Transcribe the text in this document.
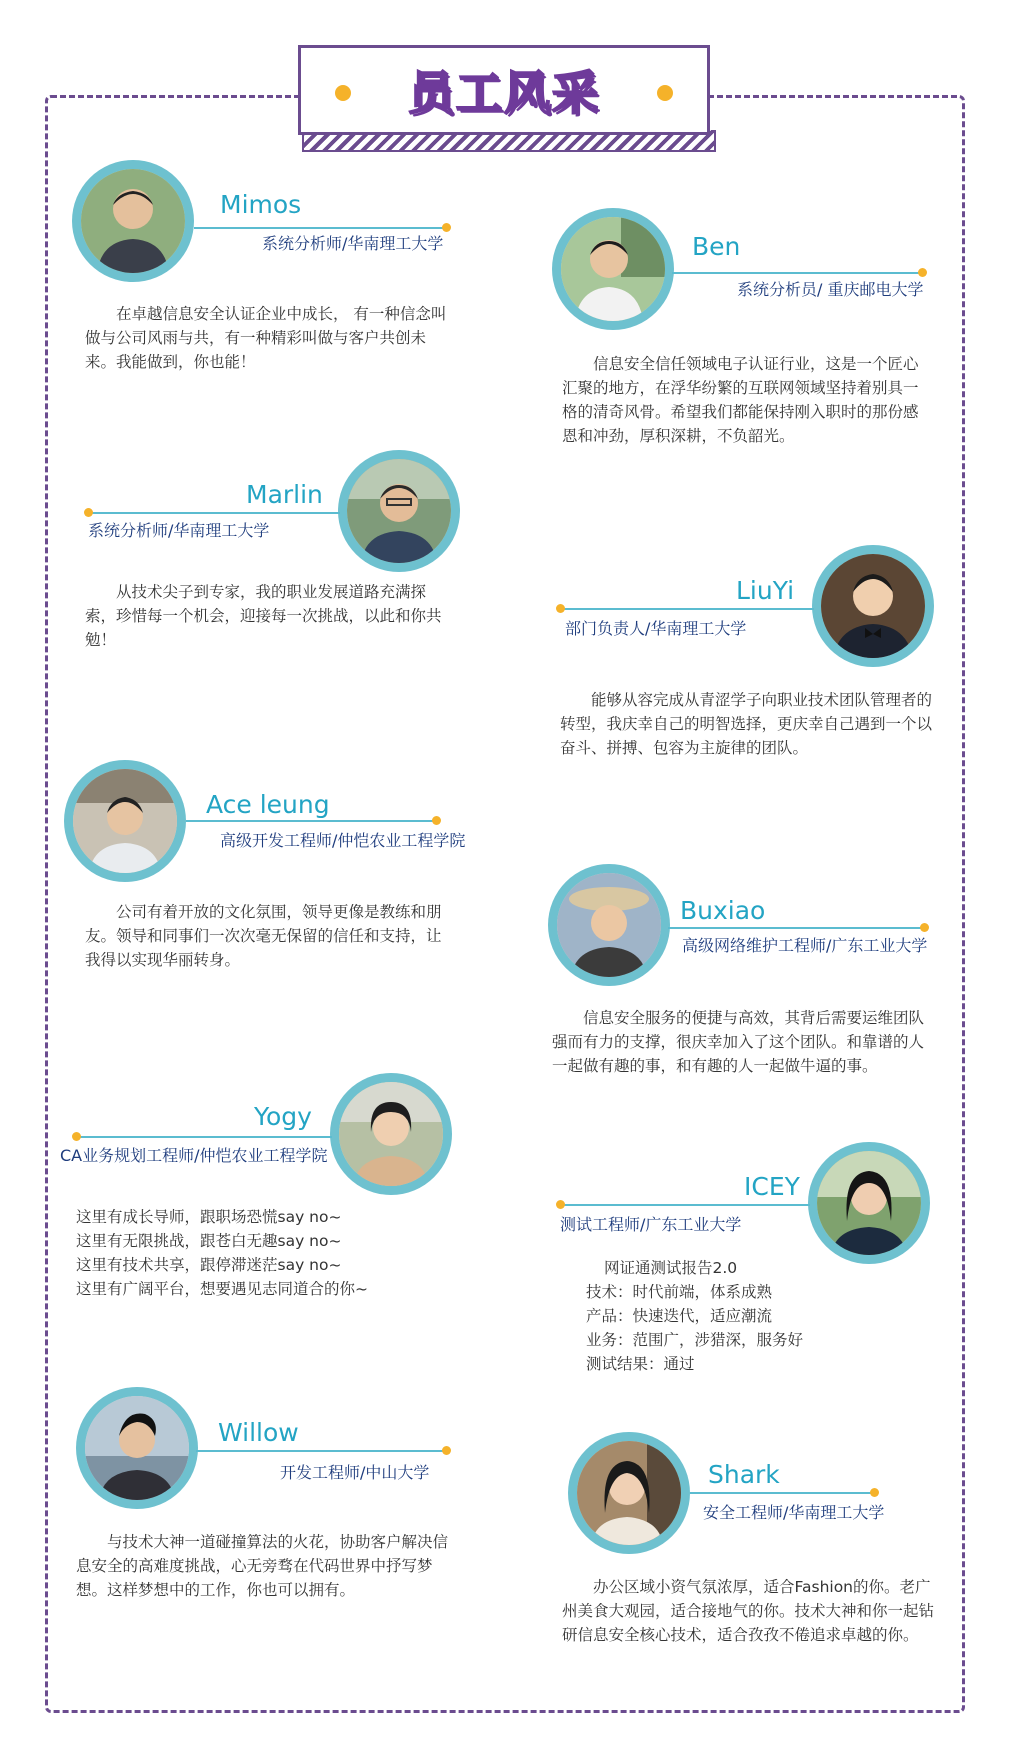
员工风采
Mimos
系统分析师/华南理工大学

在卓越信息安全认证企业中成长， 有一种信念叫做与公司风雨与共，有一种精彩叫做与客户共创未来。我能做到，你也能！

Ben
系统分析员/ 重庆邮电大学

信息安全信任领域电子认证行业，这是一个匠心汇聚的地方，在浮华纷繁的互联网领域坚持着别具一格的清奇风骨。希望我们都能保持刚入职时的那份感恩和冲劲，厚积深耕，不负韶光。

Marlin
系统分析师/华南理工大学

从技术尖子到专家，我的职业发展道路充满探索，珍惜每一个机会，迎接每一次挑战，以此和你共勉！

LiuYi
部门负责人/华南理工大学

能够从容完成从青涩学子向职业技术团队管理者的转型，我庆幸自己的明智选择，更庆幸自己遇到一个以奋斗、拼搏、包容为主旋律的团队。

Ace leung
高级开发工程师/仲恺农业工程学院

公司有着开放的文化氛围，领导更像是教练和朋友。领导和同事们一次次毫无保留的信任和支持，让我得以实现华丽转身。

Buxiao
高级网络维护工程师/广东工业大学

信息安全服务的便捷与高效，其背后需要运维团队强而有力的支撑，很庆幸加入了这个团队。和靠谱的人一起做有趣的事，和有趣的人一起做牛逼的事。

Yogy
CA业务规划工程师/仲恺农业工程学院

这里有成长导师，跟职场恐慌say no~

这里有无限挑战，跟苍白无趣say no~

这里有技术共享，跟停滞迷茫say no~

这里有广阔平台，想要遇见志同道合的你~

ICEY
测试工程师/广东工业大学

网证通测试报告2.0

技术：时代前端，体系成熟

产品：快速迭代，适应潮流

业务：范围广，涉猎深，服务好

测试结果：通过

Willow
开发工程师/中山大学

与技术大神一道碰撞算法的火花，协助客户解决信息安全的高难度挑战，心无旁骛在代码世界中抒写梦想。这样梦想中的工作，你也可以拥有。

Shark
安全工程师/华南理工大学

办公区域小资气氛浓厚，适合Fashion的你。老广州美食大观园，适合接地气的你。技术大神和你一起钻研信息安全核心技术，适合孜孜不倦追求卓越的你。
